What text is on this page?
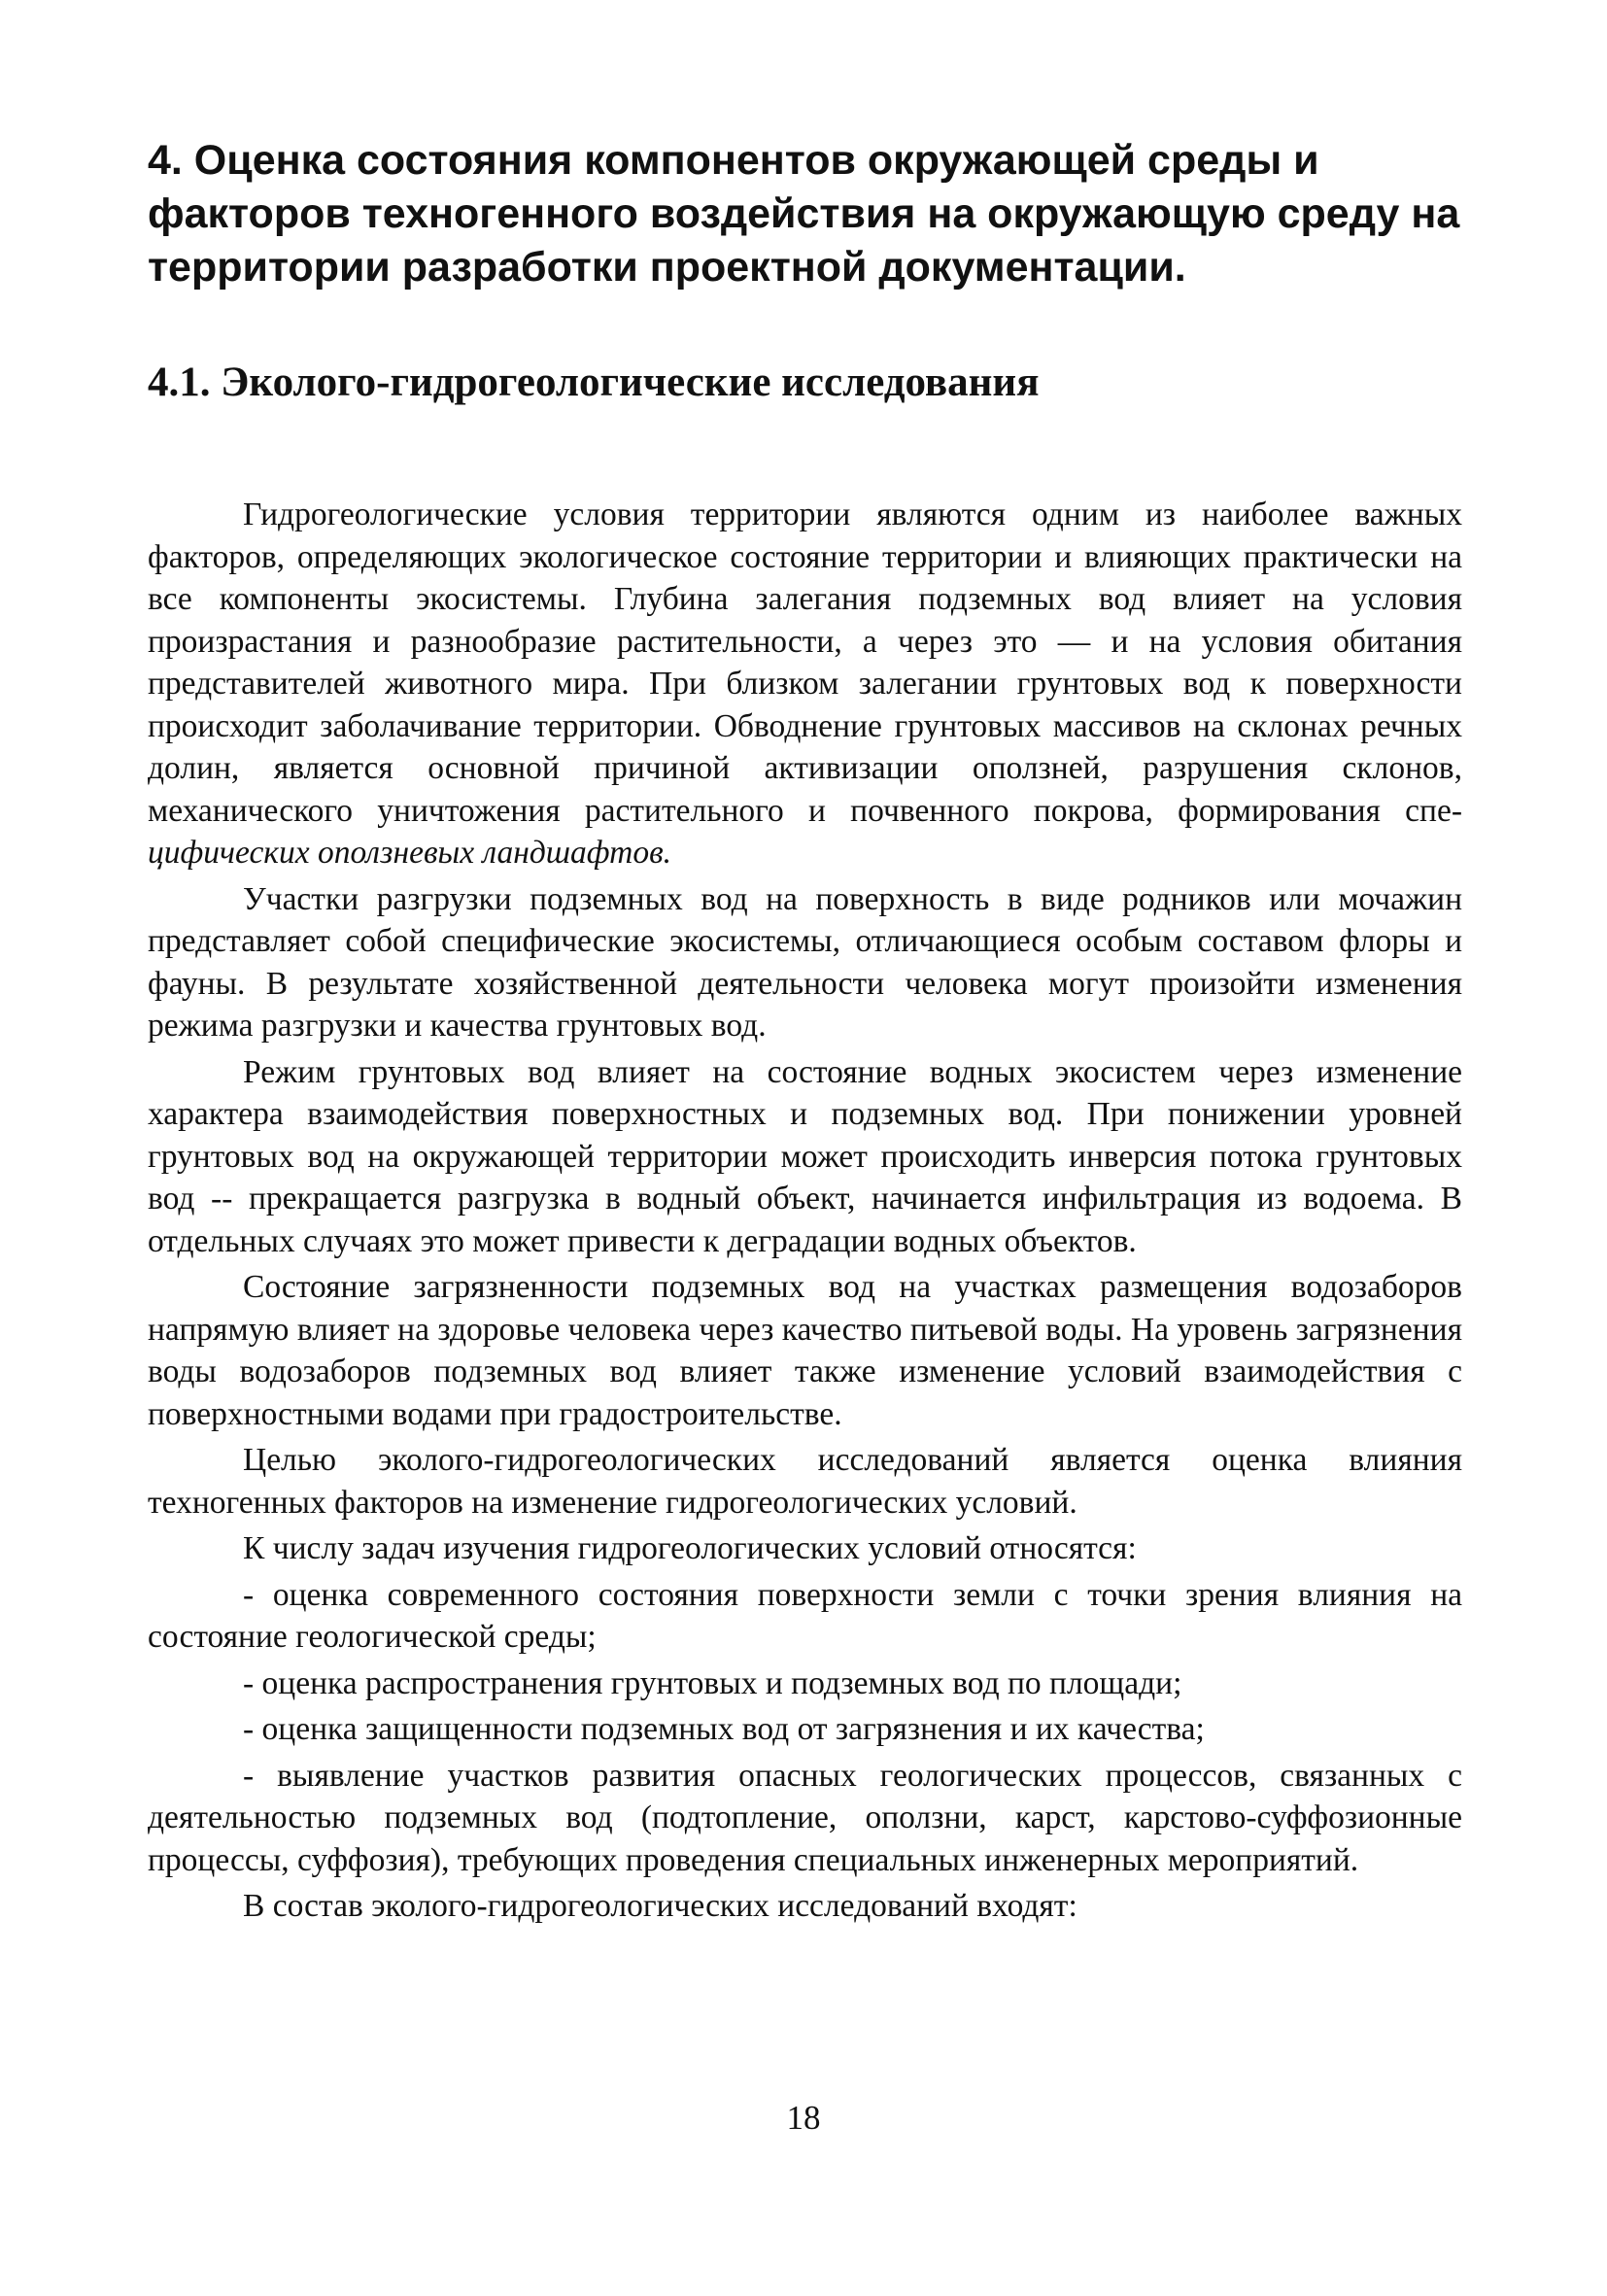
4. Оценка состояния компонентов окружающей среды и факторов техногенного воздействия на окружающую среду на территории разработки проектной документации.
4.1. Эколого-гидрогеологические исследования

Гидрогеологические условия территории являются одним из наиболее важных факторов, определяющих экологическое состояние территории и влияющих практически на все компоненты экосистемы. Глубина залегания подземных вод влияет на условия произрастания и разнообразие растительности, а через это — и на условия обитания представителей животного мира. При близком залегании грунтовых вод к поверхности происходит заболачивание территории. Обводнение грунтовых массивов на склонах речных долин, является основной причиной активизации оползней, разрушения склонов, механического уничтожения растительного и почвенного покрова, формирования спе-цифических оползневых ландшафтов.

Участки разгрузки подземных вод на поверхность в виде родников или мочажин представляет собой специфические экосистемы, отличающиеся особым составом флоры и фауны. В результате хозяйственной деятельности человека могут произойти изменения режима разгрузки и качества грунтовых вод.

Режим грунтовых вод влияет на состояние водных экосистем через изменение характера взаимодействия поверхностных и подземных вод. При понижении уровней грунтовых вод на окружающей территории может происходить инверсия потока грунтовых вод -- прекращается разгрузка в водный объект, начинается инфильтрация из водоема. В отдельных случаях это может привести к деградации водных объектов.

Состояние загрязненности подземных вод на участках размещения водозаборов напрямую влияет на здоровье человека через качество питьевой воды. На уровень загрязнения воды водозаборов подземных вод влияет также изменение условий взаимодействия с поверхностными водами при градостроительстве.

Целью эколого-гидрогеологических исследований является оценка влияния техногенных факторов на изменение гидрогеологических условий.

К числу задач изучения гидрогеологических условий относятся:

- оценка современного состояния поверхности земли с точки зрения влияния на состояние геологической среды;

- оценка распространения грунтовых и подземных вод по площади;

- оценка защищенности подземных вод от загрязнения и их качества;

- выявление участков развития опасных геологических процессов, связанных с деятельностью подземных вод (подтопление, оползни, карст, карстово-суффозионные процессы, суффозия), требующих проведения специальных инженерных мероприятий.

В состав эколого-гидрогеологических исследований входят:

18
